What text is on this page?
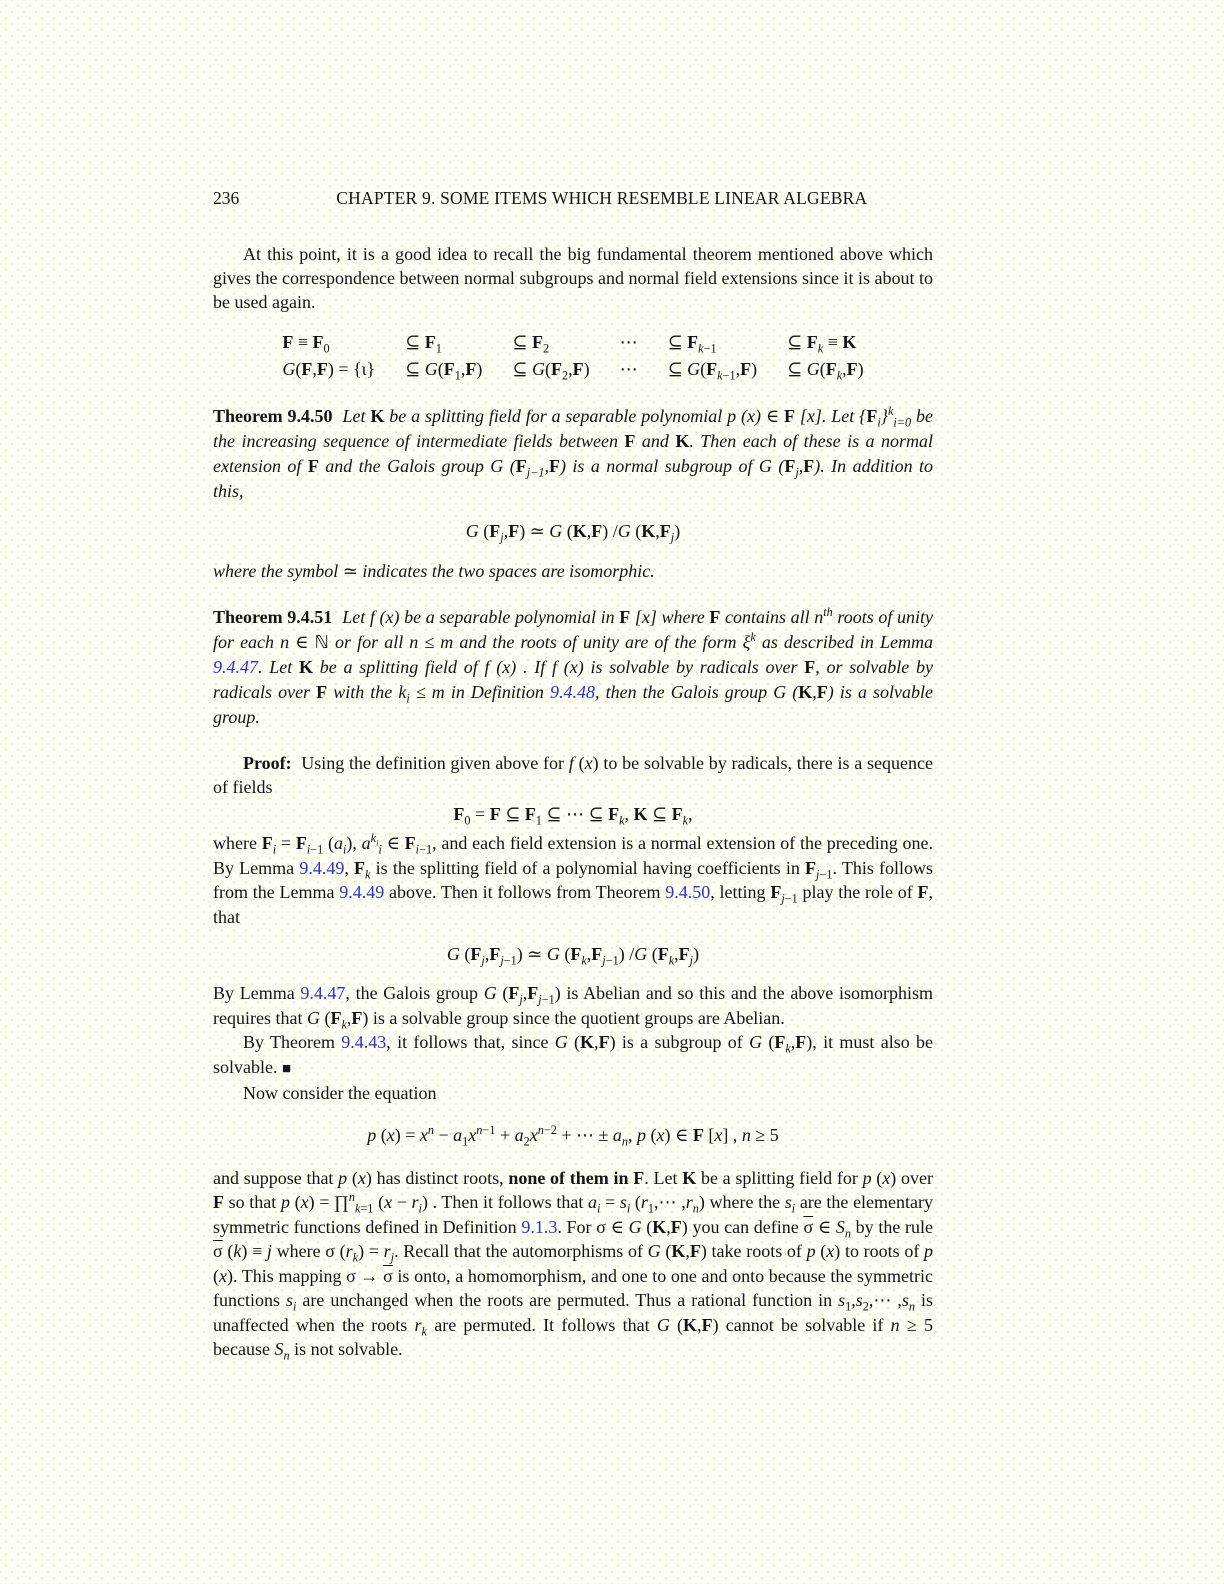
236	CHAPTER 9. SOME ITEMS WHICH RESEMBLE LINEAR ALGEBRA

At this point, it is a good idea to recall the big fundamental theorem mentioned above which gives the correspondence between normal subgroups and normal field extensions since it is about to be used again.

$F \equiv F_0$	⊆ $F_1$	⊆ $F_2$	⋯ ⊆ $F_{k-1}$	⊆ $F_k \equiv K$
G(F,F) = {ι} ⊆ $G(F_1,F)$ ⊆ $G(F_2,F)$ ⋯ ⊆ $G(F_{k-1},F)$ ⊆ $G(F_k,F)$

Theorem 9.4.50 Let K be a splitting field for a separable polynomial p (x) ∈ F [x]. Let $\{F_i\}^k_{i=0}$ be the increasing sequence of intermediate fields between F and K. Then each of these is a normal extension of F and the Galois group G $(F_{j-1},F)$ is a normal subgroup of G $(F_j,F)$. In addition to this,

G $(F_j,F)$ ≃ G (K,F) /G $(K,F_j)$

where the symbol ≃ indicates the two spaces are isomorphic.

Theorem 9.4.51 Let f (x) be a separable polynomial in F [x] where F contains all $n^{th}$ roots of unity for each n ∈ ℕ or for all n ≤ m and the roots of unity are of the form $\xi^k$ as described in Lemma 9.4.47. Let K be a splitting field of f (x) . If f (x) is solvable by radicals over F, or solvable by radicals over F with the $k_i \le m$ in Definition 9.4.48, then the Galois group G (K,F) is a solvable group.

Proof:  Using the definition given above for f (x) to be solvable by radicals, there is a sequence of fields

$F_0 = F$ ⊆ $F_1$ ⊆ ⋯ ⊆ $F_k$, K ⊆ $F_k$,

where $F_i = F_{i-1}$ $(a_i)$, $a^{k_i}_i$ ∈ $F_{i-1}$, and each field extension is a normal extension of the preceding one. By Lemma 9.4.49, $F_k$ is the splitting field of a polynomial having coefficients in $F_{j-1}$. This follows from the Lemma 9.4.49 above. Then it follows from Theorem 9.4.50, letting $F_{j-1}$ play the role of F, that

G $(F_j,F_{j-1})$ ≃ G $(F_k,F_{j-1})$ /G $(F_k,F_j)$

By Lemma 9.4.47, the Galois group G $(F_j,F_{j-1})$ is Abelian and so this and the above isomorphism requires that G $(F_k,F)$ is a solvable group since the quotient groups are Abelian.

By Theorem 9.4.43, it follows that, since G (K,F) is a subgroup of G $(F_k,F)$, it must also be solvable. ■

Now consider the equation

p $(x) = x^n - a_1x^{n-1} + a_2x^{n-2}$ + ⋯ ± $a_n$, p (x) ∈ F [x] , n ≥ 5

and suppose that p (x) has distinct roots, none of them in F. Let K be a splitting field for p (x) over F so that p (x) = ∏$^n_{k=1}$ $(x - r_i)$ . Then it follows that $a_i = s_i$ ($r_1,\cdots$ $,r_n$) where the $s_i$ are the elementary symmetric functions defined in Definition 9.1.3. For σ ∈ G (K,F) you can define $\overline{\sigma}$ ∈ $S_n$ by the rule $\overline{\sigma}$ (k) ≡ j where σ $(r_k) = r_j$. Recall that the automorphisms of G (K,F) take roots of p (x) to roots of p (x). This mapping $\sigma \to \overline{\sigma}$ is onto, a homomorphism, and one to one and onto because the symmetric functions $s_i$ are unchanged when the roots are permuted. Thus a rational function in $s_1,s_2,\cdots$ $,s_n$ is unaffected when the roots $r_k$ are permuted. It follows that G (K,F) cannot be solvable if n ≥ 5 because $S_n$ is not solvable.
